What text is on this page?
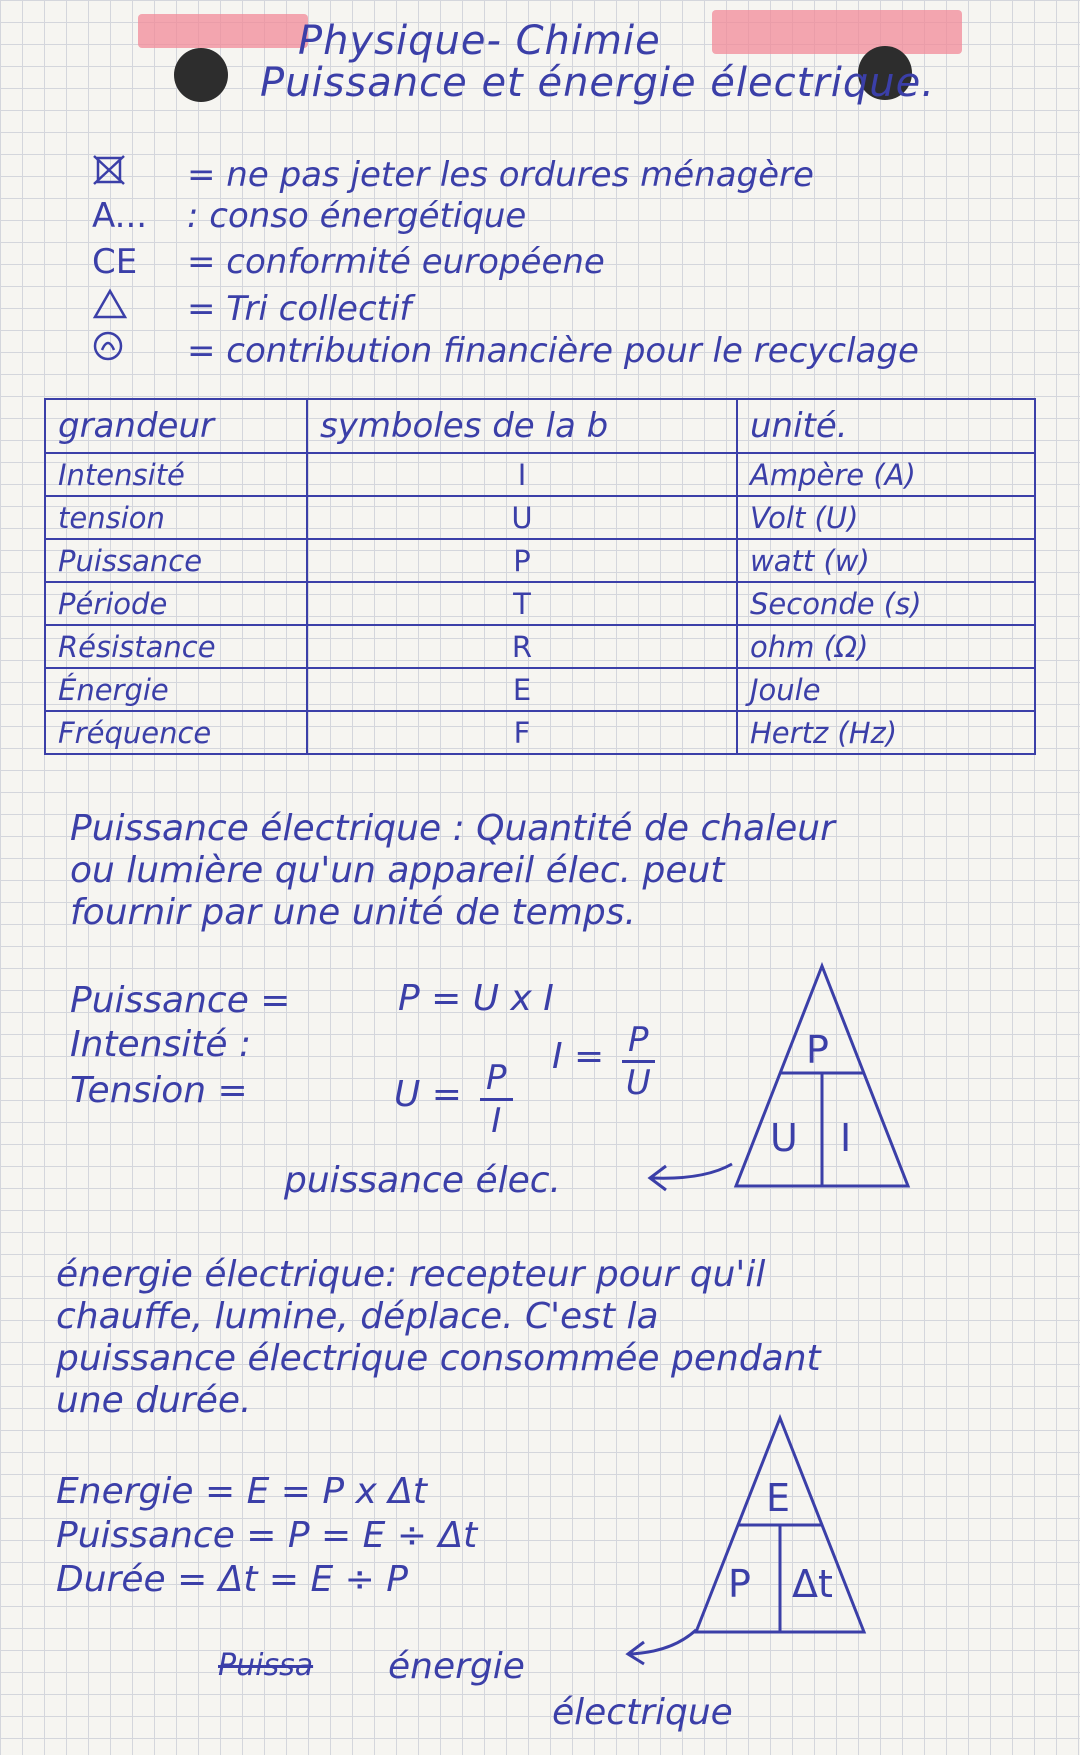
Physique- Chimie
Puissance et énergie électrique.
= ne pas jeter les ordures ménagère
A... : conso énergétique
CE = conformité européene
= Tri collectif
= contribution financière pour le recyclage
grandeur	symboles de la b	unité.
Intensité	I	Ampère (A)
tension	U	Volt (U)
Puissance	P	watt (w)
Période	T	Seconde (s)
Résistance	R	ohm (Ω)
Énergie	E	Joule
Fréquence	F	Hertz (Hz)
Puissance électrique : Quantité de chaleur
ou lumière qu'un appareil élec. peut
fournir par une unité de temps.
Puissance =
Intensité :
Tension =
P = U x I
$I = \frac{P}{U}$
$U = \frac{P}{I}$
P
U I
puissance élec.
énergie électrique: recepteur pour qu'il
chauffe, lumine, déplace. C'est la
puissance électrique consommée pendant
une durée.
Energie = E = P x Δt
Puissance = P = E ÷ Δt
Durée = Δt = E ÷ P
E
P Δt
Puissa énergie
électrique
